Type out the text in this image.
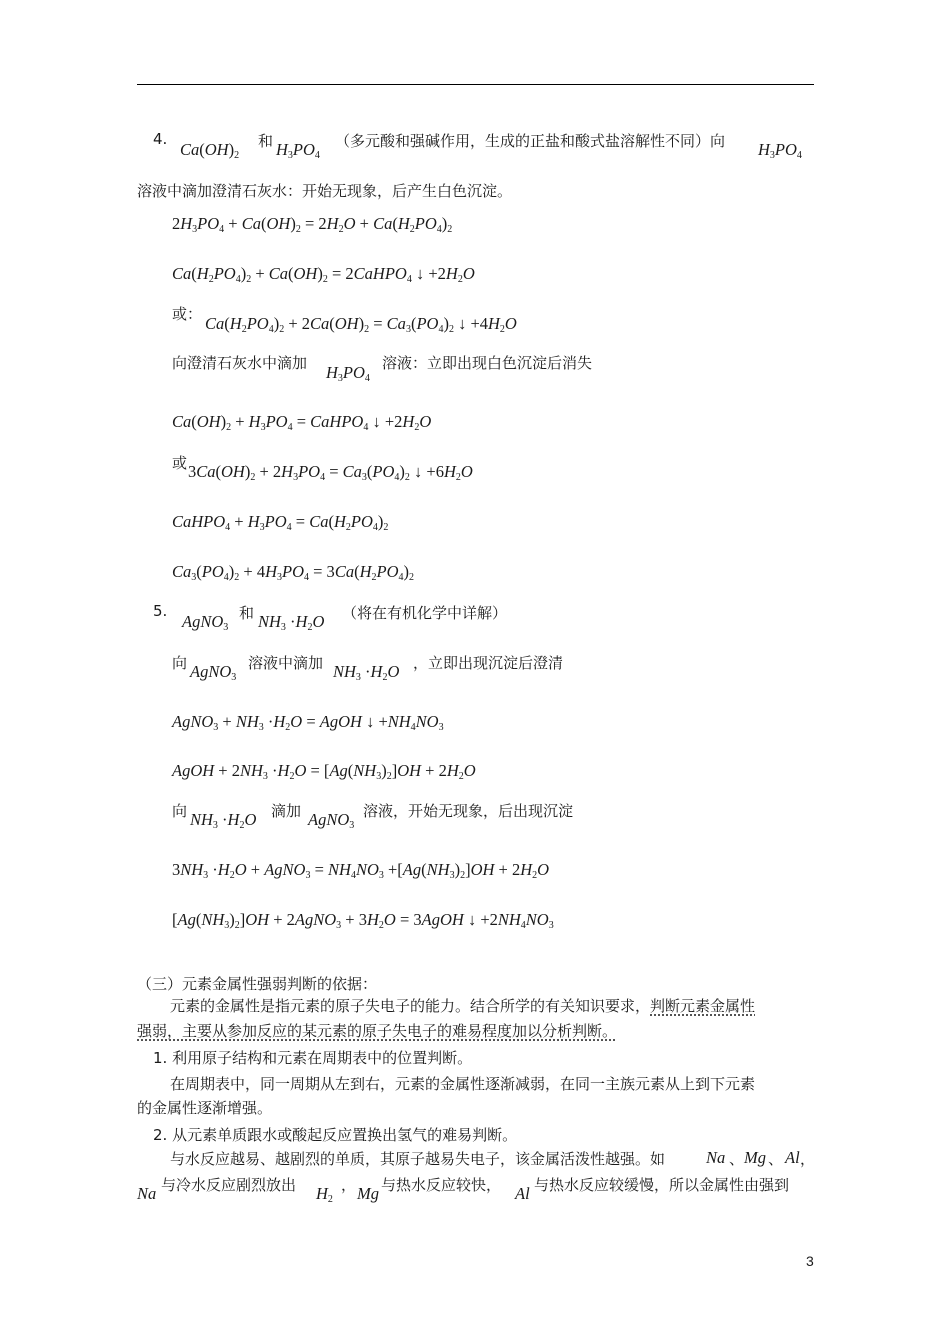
4.
$Ca(OH)_2$
和 $H_3PO_4$
（多元酸和强碱作用，生成的正盐和酸式盐溶解性不同）向 $H_3PO_4$
溶液中滴加澄清石灰水：开始无现象，后产生白色沉淀。
$2H_3PO_4 + Ca(OH)_2 = 2H_2O + Ca(H_2PO_4)_2$
$Ca(H_2PO_4)_2 + Ca(OH)_2$ = 2CaHPO$_4$ ↓ $+2H_2O$
或： $Ca(H_2PO_4)_2 + 2Ca(OH)_2 = Ca_3(PO_4)_2$ ↓ $+4H_2O$
向澄清石灰水中滴加 $H_3PO_4$
溶液：立即出现白色沉淀后消失
$Ca(OH)_2 + H_3PO_4$ = CaHPO$_4$ ↓ $+2H_2O$
或 $3Ca(OH)_2 + 2H_3PO_4 = Ca_3(PO_4)_2$ ↓ $+6H_2O$
CaHPO$_4$ + $H_3PO_4 = Ca(H_2PO_4)_2$
$Ca_3(PO_4)_2 + 4H_3PO_4 = 3Ca(H_2PO_4)_2$
5.
AgNO$_3$
和 $NH_3 \cdot H_2O$ （将在有机化学中详解）
向 AgNO$_3$
溶液中滴加 $NH_3 \cdot H_2O$ ，立即出现沉淀后澄清
AgNO$_3$ + $NH_3 \cdot H_2O$ = AgOH ↓ $+NH_4NO_3$
AgOH + $2NH_3 \cdot H_2O = [Ag(NH_3)_2]OH + 2H_2O$
向 $NH_3 \cdot H_2O$ 滴加 AgNO$_3$
溶液，开始无现象，后出现沉淀
$3NH_3 \cdot H_2O$ + AgNO$_3$ = $NH_4NO_3 +[Ag(NH_3)_2]OH + 2H_2O$
$[Ag(NH_3)_2]OH$ + 2AgNO$_3$ + $3H_2O$ = 3AgOH ↓ $+2NH_4NO_3$
（三）元素金属性强弱判断的依据：
元素的金属性是指元素的原子失电子的能力。结合所学的有关知识要求，判断元素金属性
强弱，主要从参加反应的某元素的原子失电子的难易程度加以分析判断。
1. 利用原子结构和元素在周期表中的位置判断。
在周期表中，同一周期从左到右，元素的金属性逐渐减弱，在同一主族元素从上到下元素
的金属性逐渐增强。
2. 从元素单质跟水或酸起反应置换出氢气的难易判断。
与水反应越易、越剧烈的单质，其原子越易失电子，该金属活泼性越强。如 Na 、 Mg 、 Al ，
Na 与冷水反应剧烈放出 $H_2$
， Mg 与热水反应较快， Al 与热水反应较缓慢，所以金属性由强到
3
